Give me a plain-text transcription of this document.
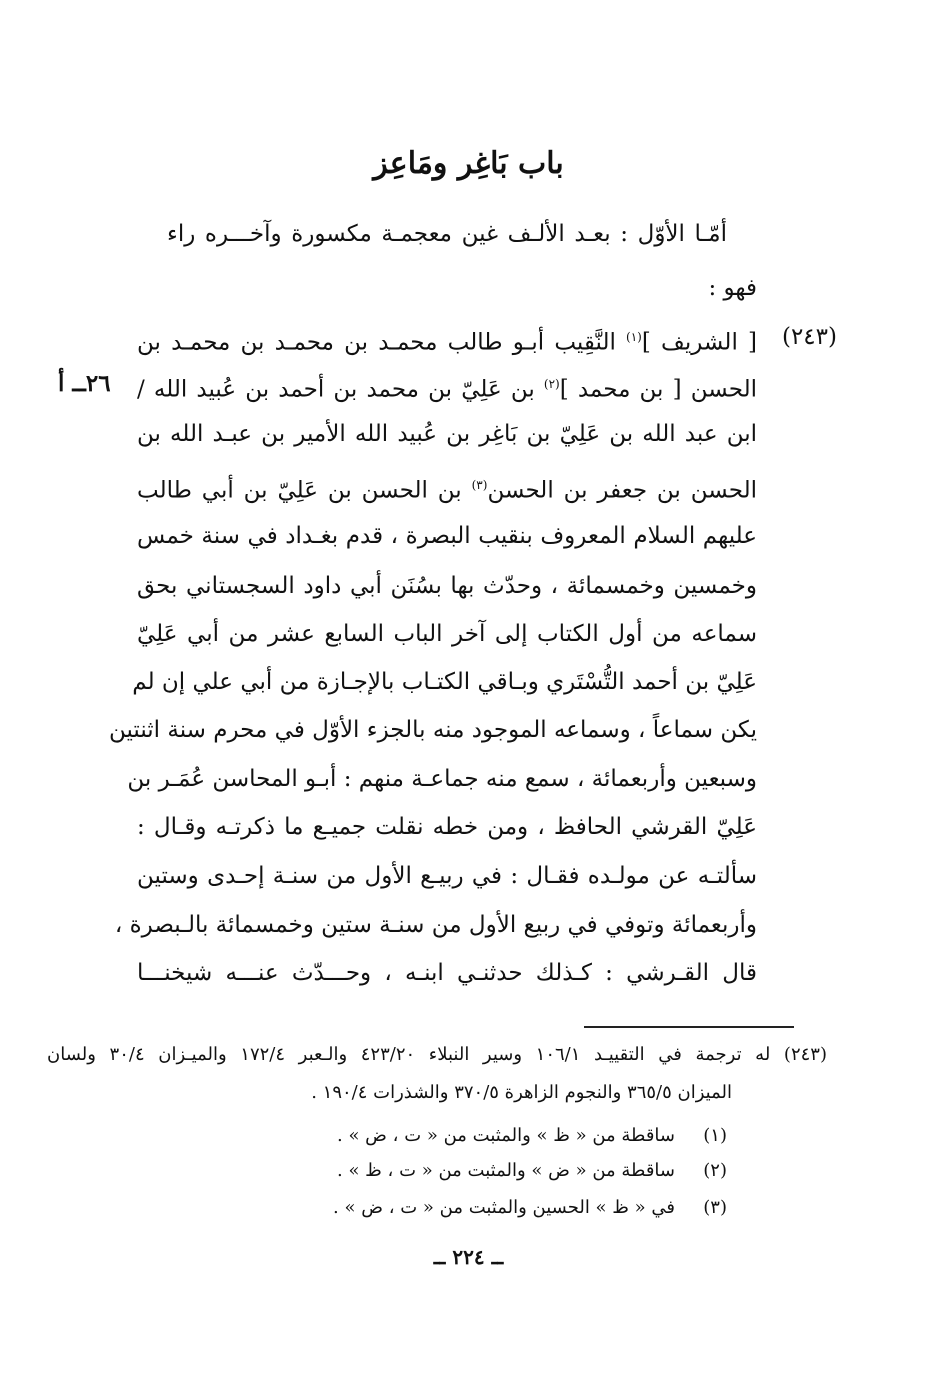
باب بَاغِر ومَاعِز
أمّـا الأوّل : بعـد الألـف غين معجمـة مكسورة وآخـــره راء
فهو :
(٢٤٣)
٢٦ــ أ
[ الشريف ]$^{(١)}$ النَّقِيب أبـو طالب محمـد بن محمـد بن محمـد بن
الحسن [ بن محمد ]$^{(٢)}$ بن عَلِيّ بن محمد بن أحمد بن عُبيد الله /
ابن عبد الله بن عَلِيّ بن بَاغِر بن عُبيد الله الأمير بن عبـد الله بن
الحسن بن جعفر بن الحسن$^{(٣)}$ بن الحسن بن عَلِيّ بن أبي طالب
عليهم السلام المعروف بنقيب البصرة ، قدم بغـداد في سنة خمس
وخمسين وخمسمائة ، وحدّث بها بسُنَن أبي داود السجستاني بحق
سماعه من أول الكتاب إلى آخر الباب السابع عشر من أبي عَلِيّ
عَلِيّ بن أحمد التُّسْتَري وبـاقي الكتـاب بالإجـازة من أبي علي إن لم
يكن سماعاً ، وسماعه الموجود منه بالجزء الأوّل في محرم سنة اثنتين
وسبعين وأربعمائة ، سمع منه جماعـة منهم : أبـو المحاسن عُمَـر بن
عَلِيّ القرشي الحافظ ، ومن خطه نقلت جميـع ما ذكرتـه وقـال :
سألتـه عن مولـده فقـال : في ربيـع الأول من سنـة إحـدى وستين
وأربعمائة وتوفي في ربيع الأول من سنـة ستين وخمسمائة بالـبصرة ،
قال القـرشي : كـذلك حدثنـي ابنـه ، وحـــدّث عنـــه شيخنـــا
(٢٤٣) له ترجمة في التقييـد ١٠٦/١ وسير النبلاء ٤٢٣/٢٠ والـعبر ١٧٢/٤ والميـزان ٣٠/٤ ولسان
الميزان ٣٦٥/٥ والنجوم الزاهرة ٣٧٠/٥ والشذرات ١٩٠/٤ .
(١)
ساقطة من « ظ » والمثبت من « ت ، ض » .
(٢)
ساقطة من « ض » والمثبت من « ت ، ظ » .
(٣)
في « ظ » الحسين والمثبت من « ت ، ض » .
ــ ٢٢٤ ــ
